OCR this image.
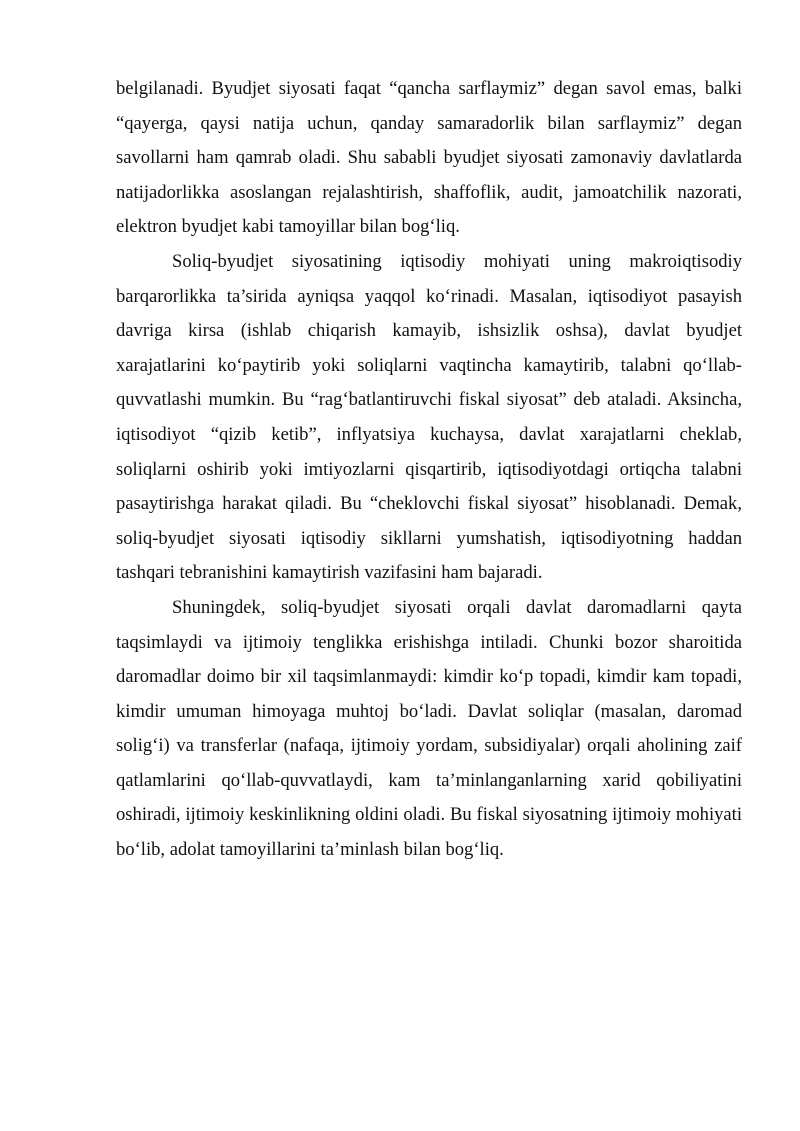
belgilanadi. Byudjet siyosati faqat “qancha sarflaymiz” degan savol emas, balki “qayerga, qaysi natija uchun, qanday samaradorlik bilan sarflaymiz” degan savollarni ham qamrab oladi. Shu sababli byudjet siyosati zamonaviy davlatlarda natijadorlikka asoslangan rejalashtirish, shaffoflik, audit, jamoatchilik nazorati, elektron byudjet kabi tamoyillar bilan bog‘liq.

Soliq-byudjet siyosatining iqtisodiy mohiyati uning makroiqtisodiy barqarorlikka ta’sirida ayniqsa yaqqol ko‘rinadi. Masalan, iqtisodiyot pasayish davriga kirsa (ishlab chiqarish kamayib, ishsizlik oshsa), davlat byudjet xarajatlarini ko‘paytirib yoki soliqlarni vaqtincha kamaytirib, talabni qo‘llab-quvvatlashi mumkin. Bu “rag‘batlantiruvchi fiskal siyosat” deb ataladi. Aksincha, iqtisodiyot “qizib ketib”, inflyatsiya kuchaysa, davlat xarajatlarni cheklab, soliqlarni oshirib yoki imtiyozlarni qisqartirib, iqtisodiyotdagi ortiqcha talabni pasaytirishga harakat qiladi. Bu “cheklovchi fiskal siyosat” hisoblanadi. Demak, soliq-byudjet siyosati iqtisodiy sikllarni yumshatish, iqtisodiyotning haddan tashqari tebranishini kamaytirish vazifasini ham bajaradi.

Shuningdek, soliq-byudjet siyosati orqali davlat daromadlarni qayta taqsimlaydi va ijtimoiy tenglikka erishishga intiladi. Chunki bozor sharoitida daromadlar doimo bir xil taqsimlanmaydi: kimdir ko‘p topadi, kimdir kam topadi, kimdir umuman himoyaga muhtoj bo‘ladi. Davlat soliqlar (masalan, daromad solig‘i) va transferlar (nafaqa, ijtimoiy yordam, subsidiyalar) orqali aholining zaif qatlamlarini qo‘llab-quvvatlaydi, kam ta’minlanganlarning xarid qobiliyatini oshiradi, ijtimoiy keskinlikning oldini oladi. Bu fiskal siyosatning ijtimoiy mohiyati bo‘lib, adolat tamoyillarini ta’minlash bilan bog‘liq.
